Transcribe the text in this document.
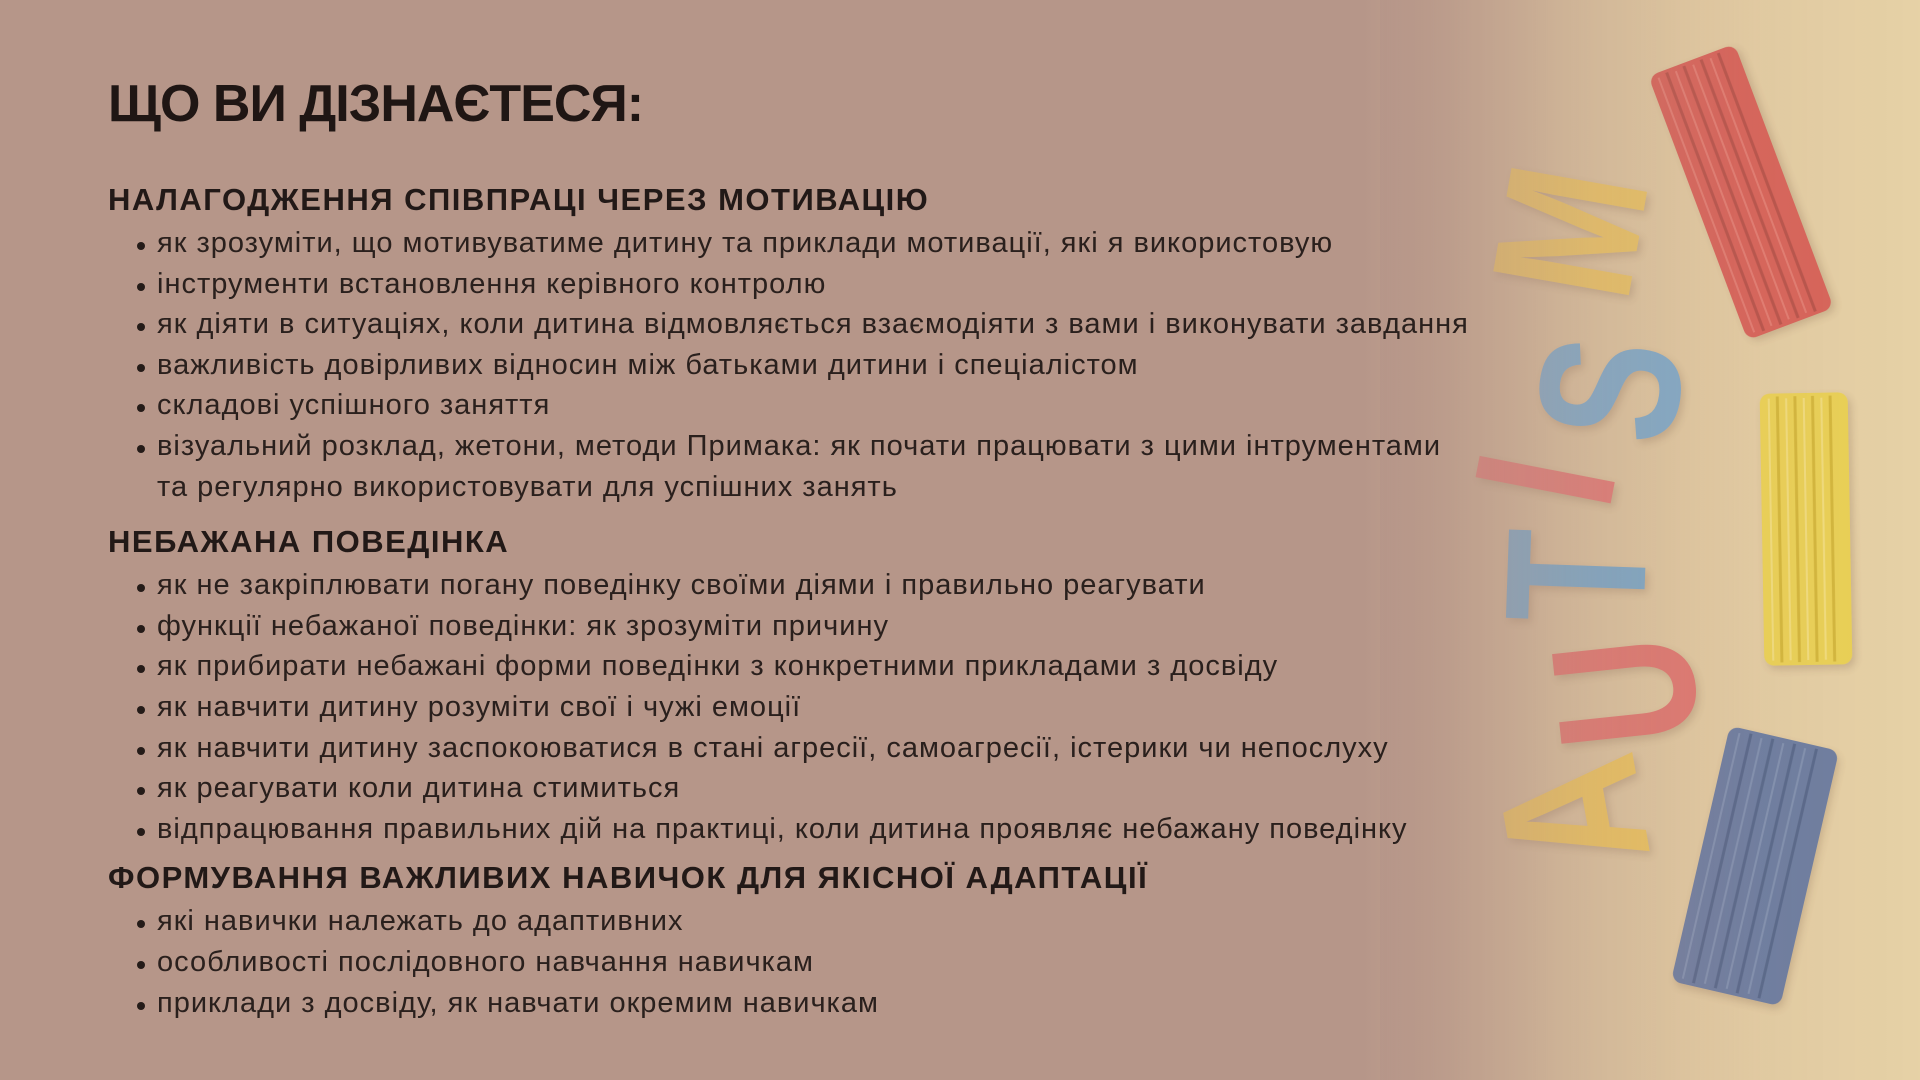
ЩО ВИ ДІЗНАЄТЕСЯ:
НАЛАГОДЖЕННЯ СПІВПРАЦІ ЧЕРЕЗ МОТИВАЦІЮ
як зрозуміти, що мотивуватиме дитину та приклади мотивації, які я використовую
інструменти встановлення керівного контролю
як діяти в ситуаціях, коли дитина відмовляється взаємодіяти з вами і виконувати завдання
важливість довірливих відносин між батьками дитини і спеціалістом
складові успішного заняття
візуальний розклад, жетони, методи Примака: як почати працювати з цими інтрументами
та регулярно використовувати для успішних занять
НЕБАЖАНА ПОВЕДІНКА
як не закріплювати погану поведінку своїми діями і правильно реагувати
функції небажаної поведінки: як зрозуміти причину
як прибирати небажані форми поведінки з конкретними прикладами з досвіду
як навчити дитину розуміти свої і чужі емоції
як навчити дитину заспокоюватися в стані агресії, самоагресії, істерики чи непослуху
як реагувати коли дитина стимиться
відпрацювання правильних дій на практиці, коли дитина проявляє небажану поведінку
ФОРМУВАННЯ ВАЖЛИВИХ НАВИЧОК ДЛЯ ЯКІСНОЇ АДАПТАЦІЇ
які навички належать до адаптивних
особливості послідовного навчання навичкам
приклади з досвіду, як навчати окремим навичкам
